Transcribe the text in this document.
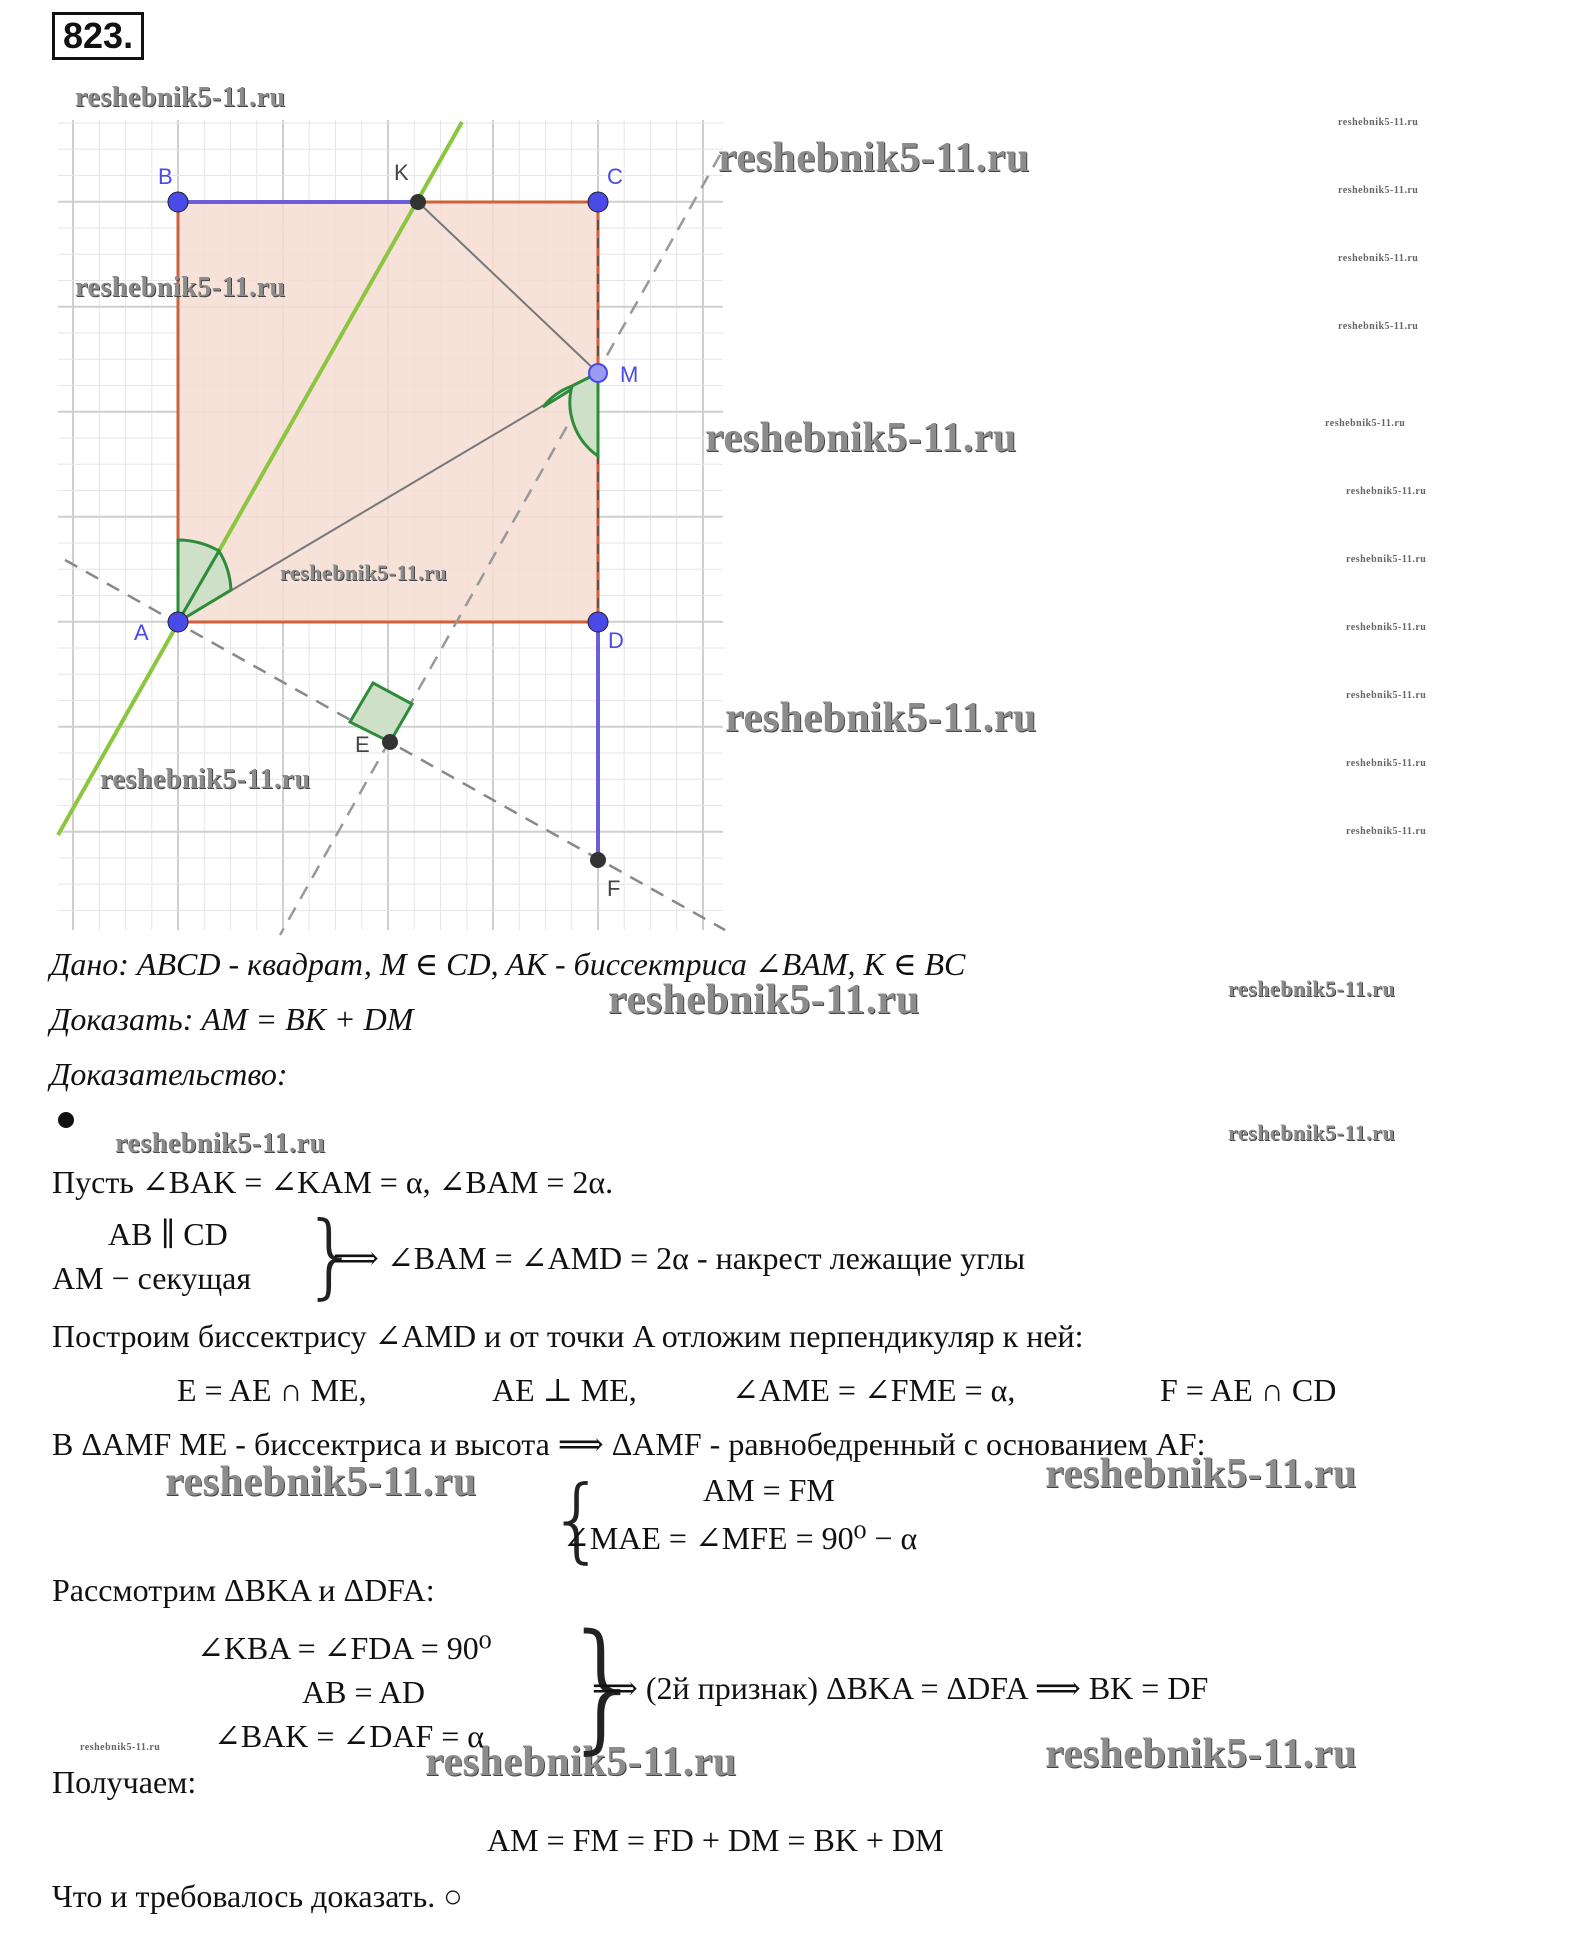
823.
B	K	C
M
A	D
E
F
reshebnik5-11.ru
reshebnik5-11.ru
reshebnik5-11.ru
reshebnik5-11.ru
reshebnik5-11.ru
reshebnik5-11.ru
reshebnik5-11.ru
reshebnik5-11.ru
reshebnik5-11.ru
reshebnik5-11.ru
reshebnik5-11.ru
reshebnik5-11.ru
reshebnik5-11.ru
reshebnik5-11.ru
reshebnik5-11.ru
reshebnik5-11.ru
reshebnik5-11.ru
reshebnik5-11.ru
reshebnik5-11.ru
reshebnik5-11.ru	reshebnik5-11.ru
reshebnik5-11.ru	reshebnik5-11.ru
reshebnik5-11.ru	reshebnik5-11.ru
reshebnik5-11.ru	reshebnik5-11.ru
Дано: ABCD - квадрат, M ∈ CD, AK - биссектриса ∠BAM, K ∈ BC
Доказать: AM = BK + DM
Доказательство:
Пусть ∠BAK = ∠KAM = α, ∠BAM = 2α.
AB ∥ CD
AM − секущая }
⟹ ∠BAM = ∠AMD = 2α - накрест лежащие углы
Построим биссектрису ∠AMD и от точки A отложим перпендикуляр к ней:
E = AE ∩ ME,	AE ⊥ ME,	∠AME = ∠FME = α,	F = AE ∩ CD
В ΔAMF ME - биссектриса и высота ⟹ ΔAMF - равнобедренный с основанием AF:
{	AM = FM
∠MAE = ∠MFE = 90⁰ − α
Рассмотрим ΔBKA и ΔDFA:
∠KBA = ∠FDA = 90⁰
AB = AD
∠BAK = ∠DAF = α }
⟹ (2й признак) ΔBKA = ΔDFA ⟹ BK = DF
Получаем:
AM = FM = FD + DM = BK + DM
Что и требовалось доказать. ○
